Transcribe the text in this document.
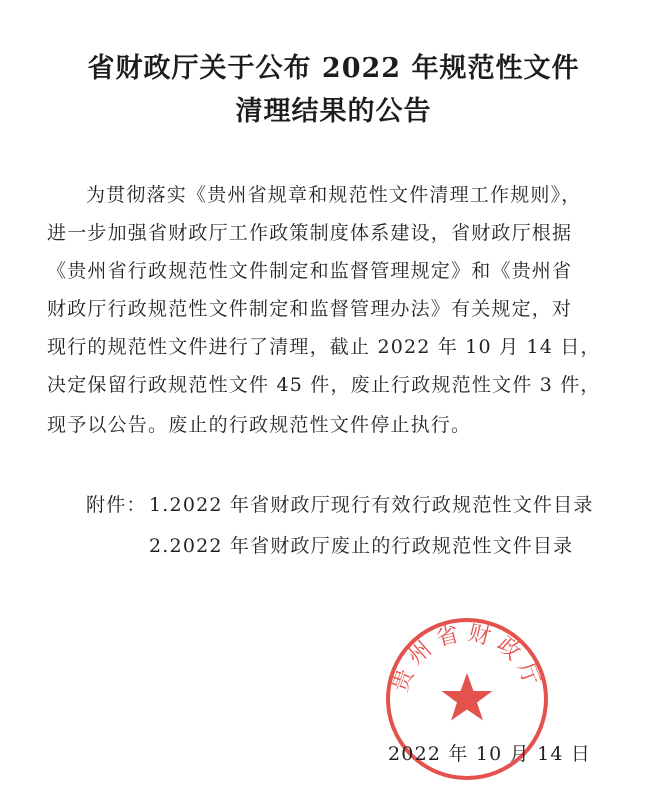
省财政厅关于公布 2022 年规范性文件
清理结果的公告
为贯彻落实《贵州省规章和规范性文件清理工作规则》，
进一步加强省财政厅工作政策制度体系建设，省财政厅根据
《贵州省行政规范性文件制定和监督管理规定》和《贵州省
财政厅行政规范性文件制定和监督管理办法》有关规定，对
现行的规范性文件进行了清理，截止 2022 年 10 月 14 日，
决定保留行政规范性文件 45 件，废止行政规范性文件 3 件，
现予以公告。废止的行政规范性文件停止执行。
附件： 1.2022 年省财政厅现行有效行政规范性文件目录
2.2022 年省财政厅废止的行政规范性文件目录
贵州省财政厅
2022 年 10 月 14 日
